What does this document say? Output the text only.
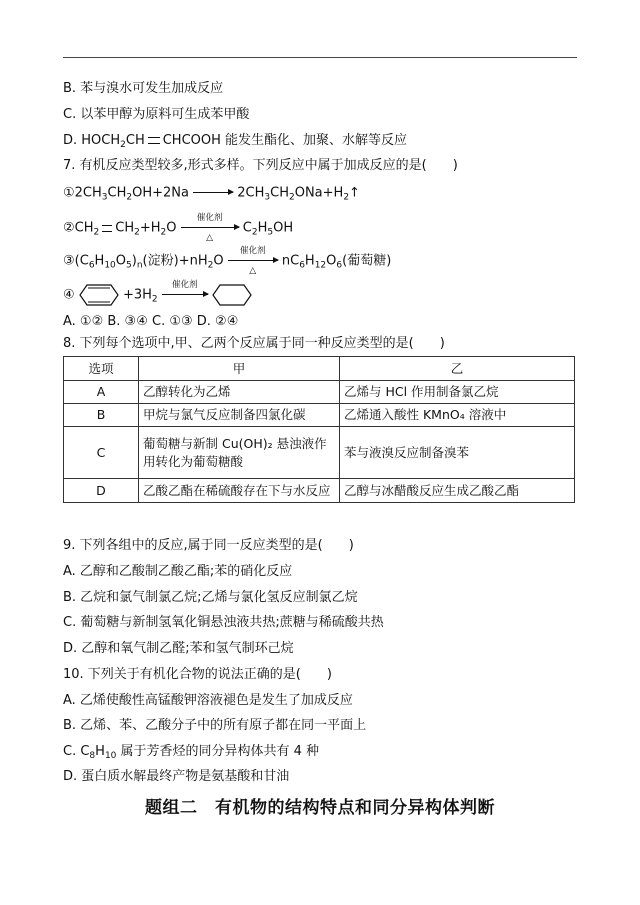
B. 苯与溴水可发生加成反应
C. 以苯甲醇为原料可生成苯甲酸
D. $HOCH_2CH$ CHCOOH 能发生酯化、加聚、水解等反应
7. 有机反应类型较多,形式多样。下列反应中属于加成反应的是(　　)
$①2CH_3CH_2OH+2Na$ → $2CH_3CH_2ONa+H_2↑$
$②CH_2$ $CH_2+H_2O$
催化剂
△
$C_2H_5OH$
$③(C_6H_{10}O_5)_n$(淀粉)$+nH_2O$
催化剂
△
$nC_6H_{12}O_6$(葡萄糖)
④	$+3H_2$
催化剂

A. ①② B. ③④ C. ①③ D. ②④
8. 下列每个选项中,甲、乙两个反应属于同一种反应类型的是(　　)
选项	甲	乙
A	乙醇转化为乙烯	乙烯与 HCl 作用制备氯乙烷
B	甲烷与氯气反应制备四氯化碳	乙烯通入酸性 KMnO₄ 溶液中
C	葡萄糖与新制 Cu(OH)₂ 悬浊液作用转化为葡萄糖酸	苯与液溴反应制备溴苯
D	乙酸乙酯在稀硫酸存在下与水反应	乙醇与冰醋酸反应生成乙酸乙酯
9. 下列各组中的反应,属于同一反应类型的是(　　)
A. 乙醇和乙酸制乙酸乙酯;苯的硝化反应
B. 乙烷和氯气制氯乙烷;乙烯与氯化氢反应制氯乙烷
C. 葡萄糖与新制氢氧化铜悬浊液共热;蔗糖与稀硫酸共热
D. 乙醇和氧气制乙醛;苯和氢气制环己烷
10. 下列关于有机化合物的说法正确的是(　　)
A. 乙烯使酸性高锰酸钾溶液褪色是发生了加成反应
B. 乙烯、苯、乙酸分子中的所有原子都在同一平面上
C. $C_8H_{10}$ 属于芳香烃的同分异构体共有 4 种
D. 蛋白质水解最终产物是氨基酸和甘油
题组二　有机物的结构特点和同分异构体判断
